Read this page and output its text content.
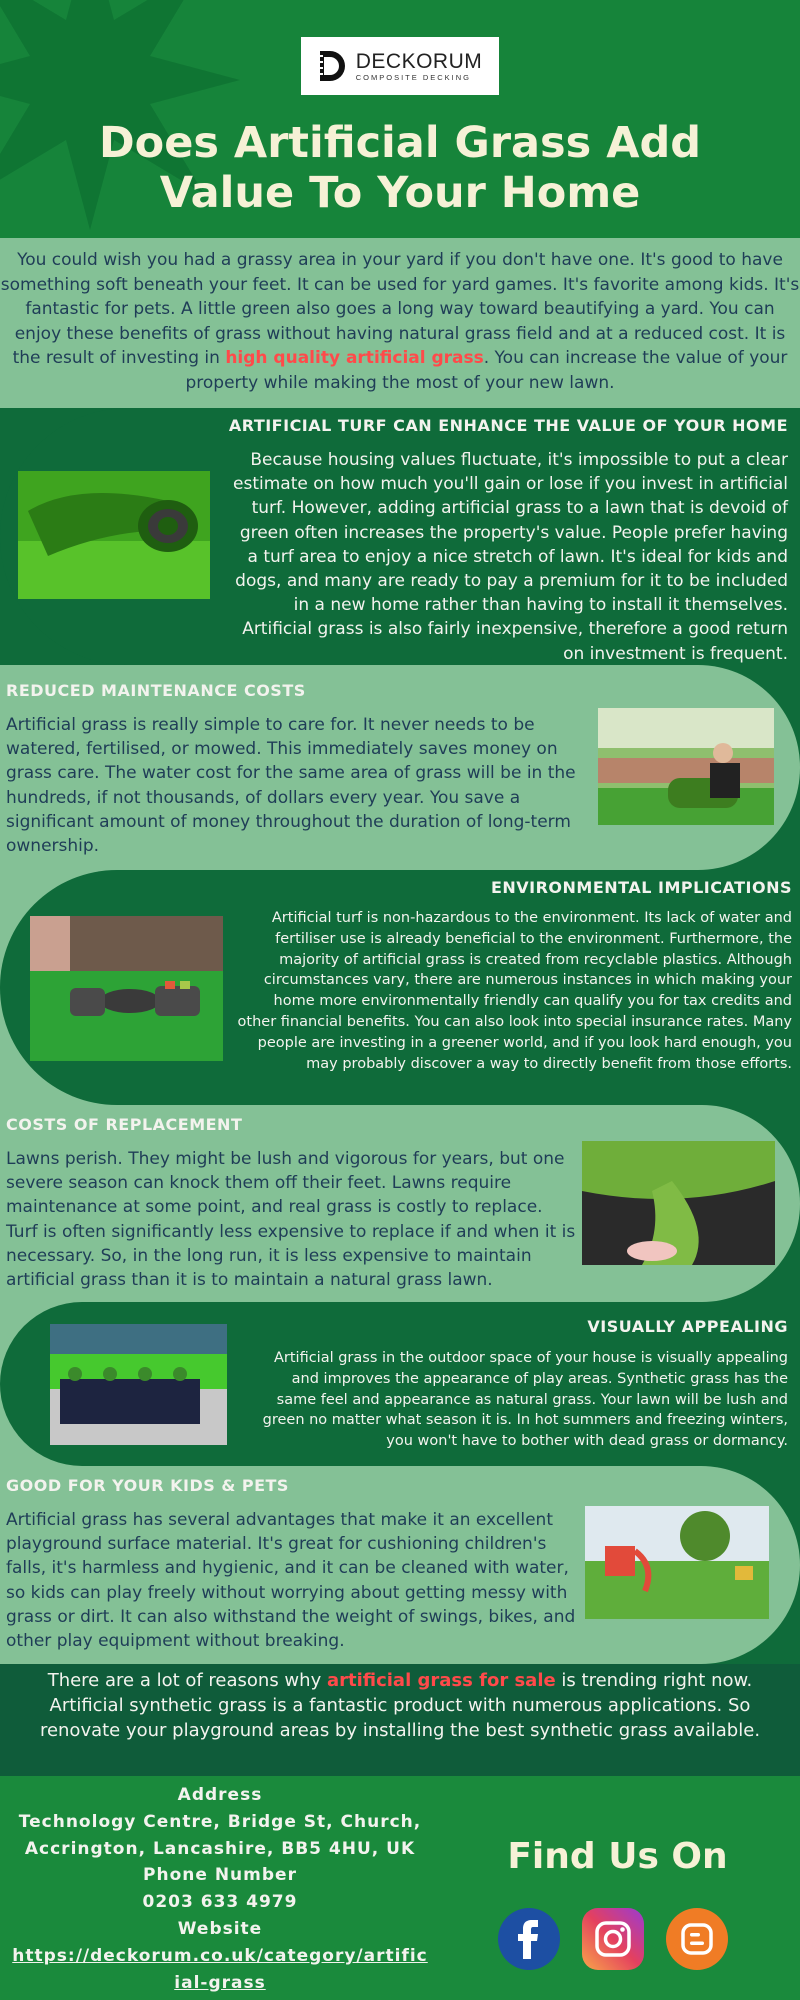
DECKORUM
COMPOSITE DECKING
Does Artificial Grass Add
Value To Your Home
You could wish you had a grassy area in your yard if you don't have one. It's good to have something soft beneath your feet. It can be used for yard games. It's favorite among kids. It's fantastic for pets. A little green also goes a long way toward beautifying a yard. You can enjoy these benefits of grass without having natural grass field and at a reduced cost. It is the result of investing in high quality artificial grass. You can increase the value of your property while making the most of your new lawn.
ARTIFICIAL TURF CAN ENHANCE THE VALUE OF YOUR HOME
Because housing values fluctuate, it's impossible to put a clear estimate on how much you'll gain or lose if you invest in artificial turf. However, adding artificial grass to a lawn that is devoid of green often increases the property's value. People prefer having a turf area to enjoy a nice stretch of lawn. It's ideal for kids and dogs, and many are ready to pay a premium for it to be included in a new home rather than having to install it themselves. Artificial grass is also fairly inexpensive, therefore a good return on investment is frequent.
REDUCED MAINTENANCE COSTS
Artificial grass is really simple to care for. It never needs to be watered, fertilised, or mowed. This immediately saves money on grass care. The water cost for the same area of grass will be in the hundreds, if not thousands, of dollars every year. You save a significant amount of money throughout the duration of long-term ownership.
ENVIRONMENTAL IMPLICATIONS
Artificial turf is non-hazardous to the environment. Its lack of water and fertiliser use is already beneficial to the environment. Furthermore, the majority of artificial grass is created from recyclable plastics. Although circumstances vary, there are numerous instances in which making your home more environmentally friendly can qualify you for tax credits and other financial benefits. You can also look into special insurance rates. Many people are investing in a greener world, and if you look hard enough, you may probably discover a way to directly benefit from those efforts.
COSTS OF REPLACEMENT
Lawns perish. They might be lush and vigorous for years, but one severe season can knock them off their feet. Lawns require maintenance at some point, and real grass is costly to replace. Turf is often significantly less expensive to replace if and when it is necessary. So, in the long run, it is less expensive to maintain artificial grass than it is to maintain a natural grass lawn.
VISUALLY APPEALING
Artificial grass in the outdoor space of your house is visually appealing and improves the appearance of play areas. Synthetic grass has the same feel and appearance as natural grass. Your lawn will be lush and green no matter what season it is. In hot summers and freezing winters, you won't have to bother with dead grass or dormancy.
GOOD FOR YOUR KIDS & PETS
Artificial grass has several advantages that make it an excellent playground surface material. It's great for cushioning children's falls, it's harmless and hygienic, and it can be cleaned with water, so kids can play freely without worrying about getting messy with grass or dirt. It can also withstand the weight of swings, bikes, and other play equipment without breaking.
There are a lot of reasons why artificial grass for sale is trending right now. Artificial synthetic grass is a fantastic product with numerous applications. So renovate your playground areas by installing the best synthetic grass available.
Address
Technology Centre, Bridge St, Church,
Accrington, Lancashire, BB5 4HU, UK
Phone Number
0203 633 4979
Website
https://deckorum.co.uk/category/artific
ial-grass
Find Us On
